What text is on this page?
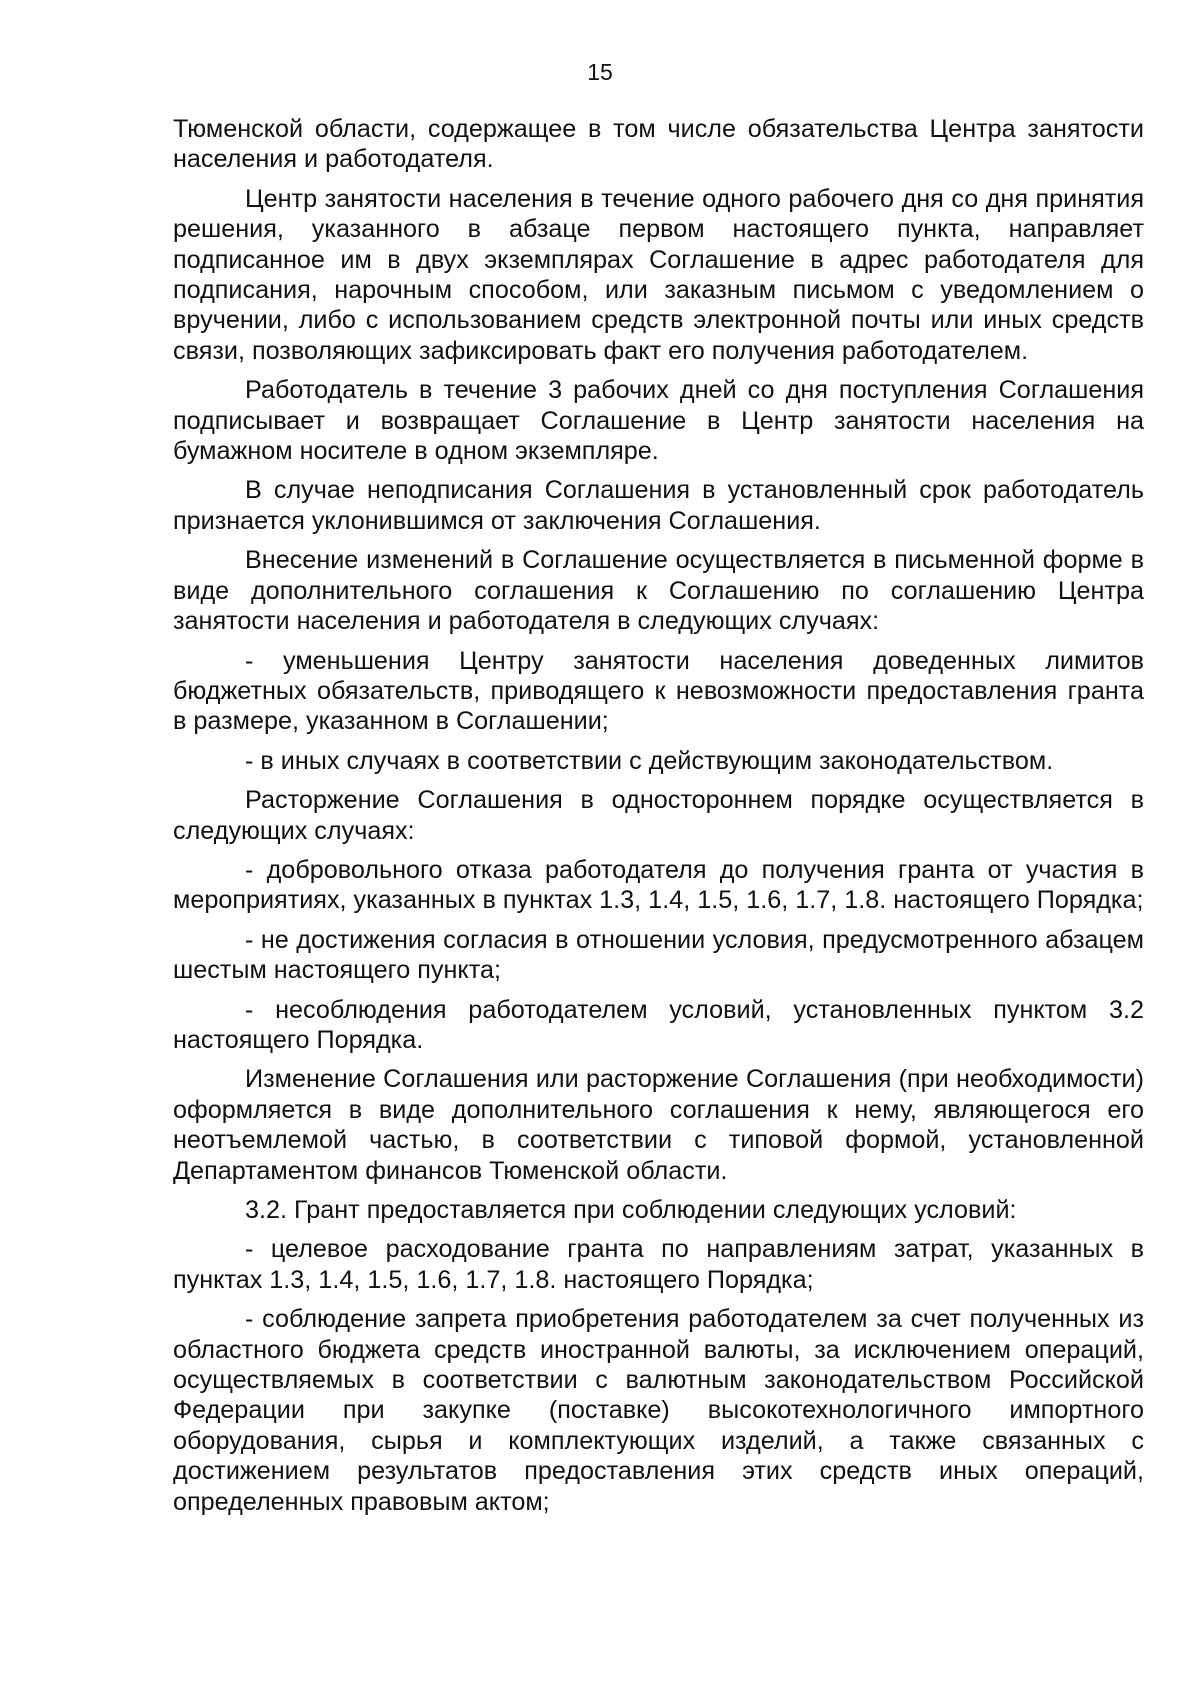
15

Тюменской области, содержащее в том числе обязательства Центра занятости населения и работодателя.

Центр занятости населения в течение одного рабочего дня со дня принятия решения, указанного в абзаце первом настоящего пункта, направляет подписанное им в двух экземплярах Соглашение в адрес работодателя для подписания, нарочным способом, или заказным письмом с уведомлением о вручении, либо с использованием средств электронной почты или иных средств связи, позволяющих зафиксировать факт его получения работодателем.

Работодатель в течение 3 рабочих дней со дня поступления Соглашения подписывает и возвращает Соглашение в Центр занятости населения на бумажном носителе в одном экземпляре.

В случае неподписания Соглашения в установленный срок работодатель признается уклонившимся от заключения Соглашения.

Внесение изменений в Соглашение осуществляется в письменной форме в виде дополнительного соглашения к Соглашению по соглашению Центра занятости населения и работодателя в следующих случаях:

- уменьшения Центру занятости населения доведенных лимитов бюджетных обязательств, приводящего к невозможности предоставления гранта в размере, указанном в Соглашении;

- в иных случаях в соответствии с действующим законодательством.

Расторжение Соглашения в одностороннем порядке осуществляется в следующих случаях:

- добровольного отказа работодателя до получения гранта от участия в мероприятиях, указанных в пунктах 1.3, 1.4, 1.5, 1.6, 1.7, 1.8. настоящего Порядка;

- не достижения согласия в отношении условия, предусмотренного абзацем шестым настоящего пункта;

- несоблюдения работодателем условий, установленных пунктом 3.2 настоящего Порядка.

Изменение Соглашения или расторжение Соглашения (при необходимости) оформляется в виде дополнительного соглашения к нему, являющегося его неотъемлемой частью, в соответствии с типовой формой, установленной Департаментом финансов Тюменской области.

3.2. Грант предоставляется при соблюдении следующих условий:

- целевое расходование гранта по направлениям затрат, указанных в пунктах 1.3, 1.4, 1.5, 1.6, 1.7, 1.8. настоящего Порядка;

- соблюдение запрета приобретения работодателем за счет полученных из областного бюджета средств иностранной валюты, за исключением операций, осуществляемых в соответствии с валютным законодательством Российской Федерации при закупке (поставке) высокотехнологичного импортного оборудования, сырья и комплектующих изделий, а также связанных с достижением результатов предоставления этих средств иных операций, определенных правовым актом;
